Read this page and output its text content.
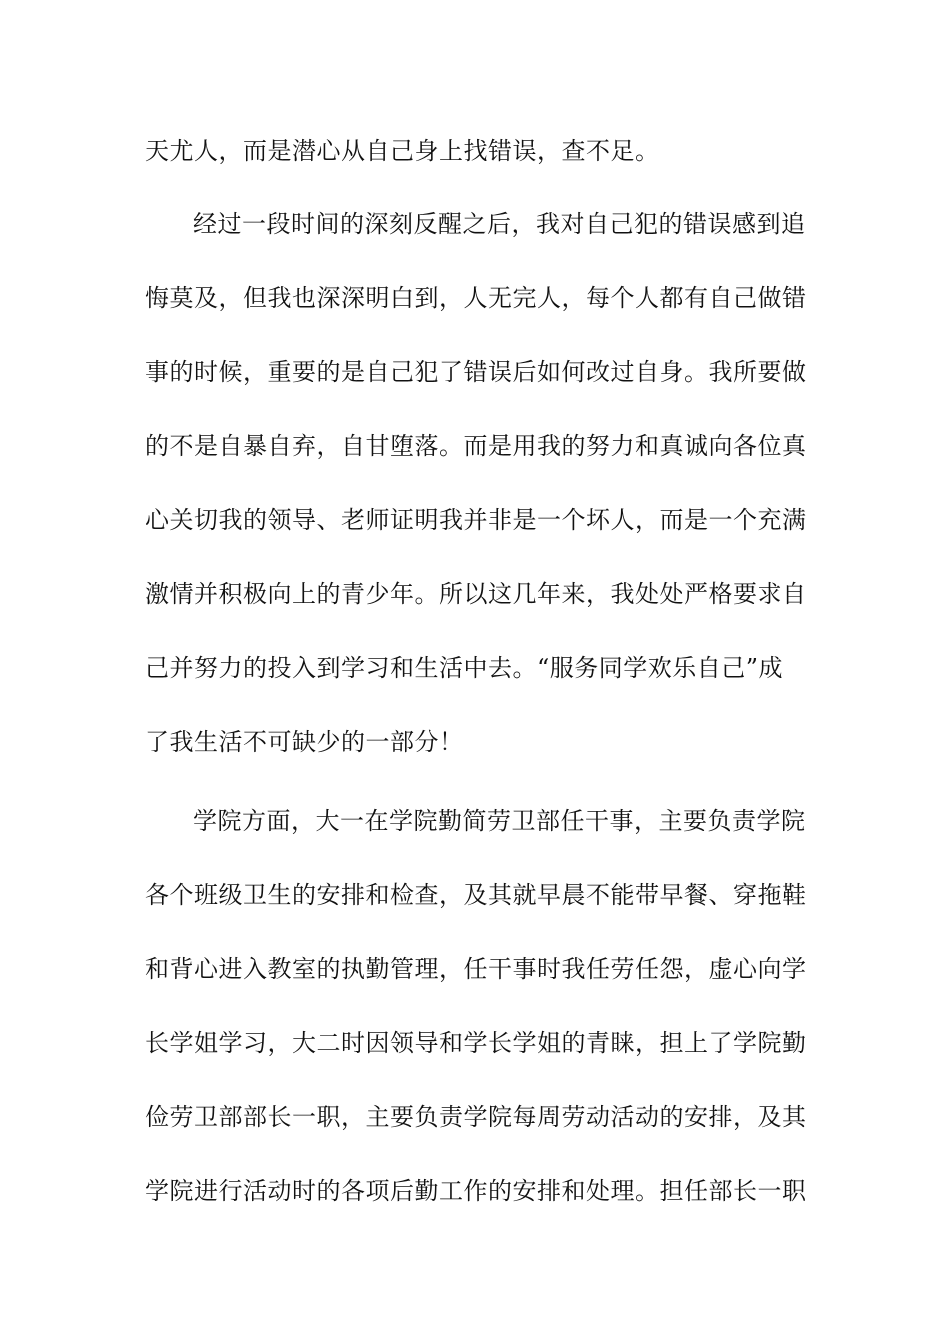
天尤人，而是潜心从自己身上找错误，查不足。
经过一段时间的深刻反醒之后，我对自己犯的错误感到追
悔莫及，但我也深深明白到，人无完人，每个人都有自己做错
事的时候，重要的是自己犯了错误后如何改过自身。我所要做
的不是自暴自弃，自甘堕落。而是用我的努力和真诚向各位真
心关切我的领导、老师证明我并非是一个坏人，而是一个充满
激情并积极向上的青少年。所以这几年来，我处处严格要求自
己并努力的投入到学习和生活中去。“服务同学欢乐自己”成
了我生活不可缺少的一部分！
学院方面，大一在学院勤简劳卫部任干事，主要负责学院
各个班级卫生的安排和检查，及其就早晨不能带早餐、穿拖鞋
和背心进入教室的执勤管理，任干事时我任劳任怨，虚心向学
长学姐学习，大二时因领导和学长学姐的青睐，担上了学院勤
俭劳卫部部长一职，主要负责学院每周劳动活动的安排，及其
学院进行活动时的各项后勤工作的安排和处理。担任部长一职
